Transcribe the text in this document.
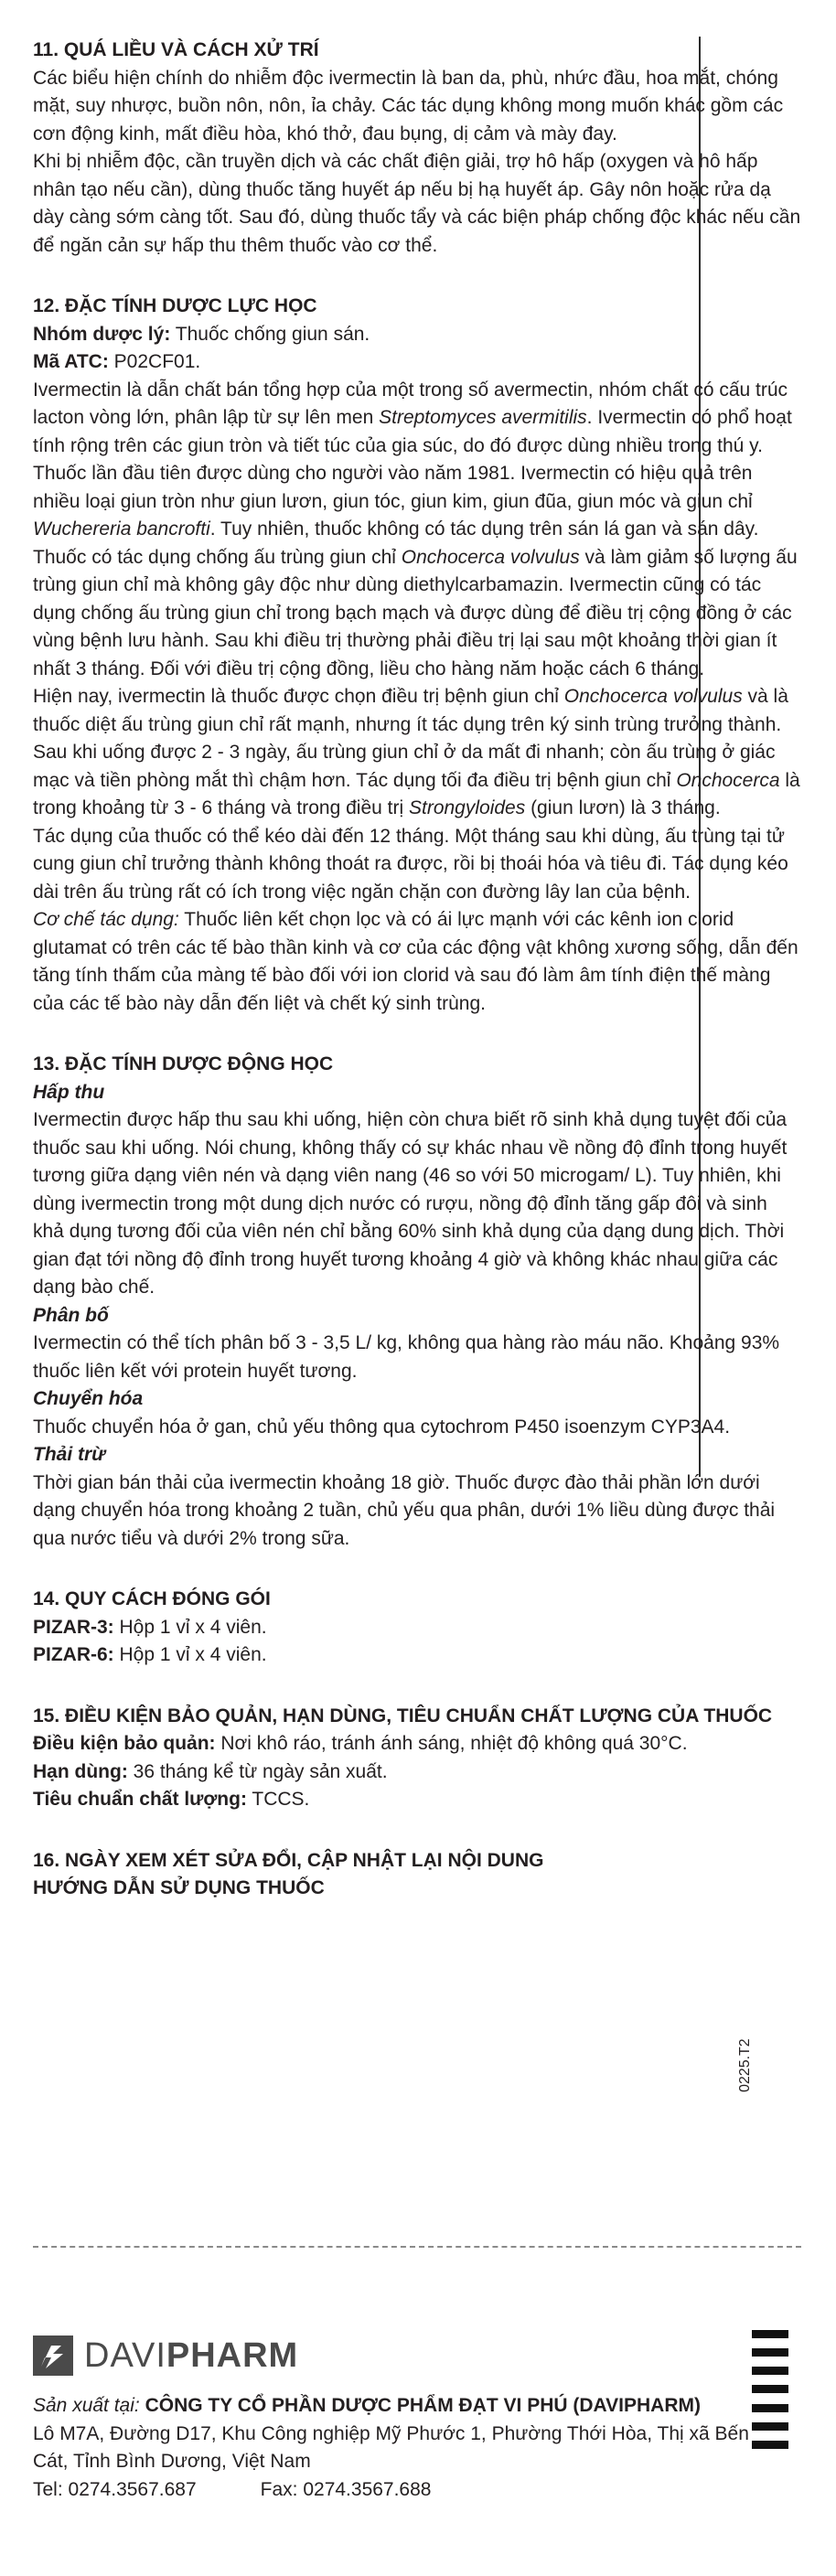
11. QUÁ LIỀU VÀ CÁCH XỬ TRÍ

Các biểu hiện chính do nhiễm độc ivermectin là ban da, phù, nhức đầu, hoa mắt, chóng mặt, suy nhược, buồn nôn, nôn, ỉa chảy. Các tác dụng không mong muốn khác gồm các cơn động kinh, mất điều hòa, khó thở, đau bụng, dị cảm và mày đay.

Khi bị nhiễm độc, cần truyền dịch và các chất điện giải, trợ hô hấp (oxygen và hô hấp nhân tạo nếu cần), dùng thuốc tăng huyết áp nếu bị hạ huyết áp. Gây nôn hoặc rửa dạ dày càng sớm càng tốt. Sau đó, dùng thuốc tẩy và các biện pháp chống độc khác nếu cần để ngăn cản sự hấp thu thêm thuốc vào cơ thể.

12. ĐẶC TÍNH DƯỢC LỰC HỌC

Nhóm dược lý: Thuốc chống giun sán.

Mã ATC: P02CF01.

Ivermectin là dẫn chất bán tổng hợp của một trong số avermectin, nhóm chất có cấu trúc lacton vòng lớn, phân lập từ sự lên men Streptomyces avermitilis. Ivermectin có phổ hoạt tính rộng trên các giun tròn và tiết túc của gia súc, do đó được dùng nhiều trong thú y. Thuốc lần đầu tiên được dùng cho người vào năm 1981. Ivermectin có hiệu quả trên nhiều loại giun tròn như giun lươn, giun tóc, giun kim, giun đũa, giun móc và giun chỉ Wuchereria bancrofti. Tuy nhiên, thuốc không có tác dụng trên sán lá gan và sán dây. Thuốc có tác dụng chống ấu trùng giun chỉ Onchocerca volvulus và làm giảm số lượng ấu trùng giun chỉ mà không gây độc như dùng diethylcarbamazin. Ivermectin cũng có tác dụng chống ấu trùng giun chỉ trong bạch mạch và được dùng để điều trị cộng đồng ở các vùng bệnh lưu hành. Sau khi điều trị thường phải điều trị lại sau một khoảng thời gian ít nhất 3 tháng. Đối với điều trị cộng đồng, liều cho hàng năm hoặc cách 6 tháng.

Hiện nay, ivermectin là thuốc được chọn điều trị bệnh giun chỉ Onchocerca volvulus và là thuốc diệt ấu trùng giun chỉ rất mạnh, nhưng ít tác dụng trên ký sinh trùng trưởng thành. Sau khi uống được 2 - 3 ngày, ấu trùng giun chỉ ở da mất đi nhanh; còn ấu trùng ở giác mạc và tiền phòng mắt thì chậm hơn. Tác dụng tối đa điều trị bệnh giun chỉ Onchocerca là trong khoảng từ 3 - 6 tháng và trong điều trị Strongyloides (giun lươn) là 3 tháng.

Tác dụng của thuốc có thể kéo dài đến 12 tháng. Một tháng sau khi dùng, ấu trùng tại tử cung giun chỉ trưởng thành không thoát ra được, rồi bị thoái hóa và tiêu đi. Tác dụng kéo dài trên ấu trùng rất có ích trong việc ngăn chặn con đường lây lan của bệnh.

Cơ chế tác dụng: Thuốc liên kết chọn lọc và có ái lực mạnh với các kênh ion clorid glutamat có trên các tế bào thần kinh và cơ của các động vật không xương sống, dẫn đến tăng tính thấm của màng tế bào đối với ion clorid và sau đó làm âm tính điện thế màng của các tế bào này dẫn đến liệt và chết ký sinh trùng.

13. ĐẶC TÍNH DƯỢC ĐỘNG HỌC
Hấp thu

Ivermectin được hấp thu sau khi uống, hiện còn chưa biết rõ sinh khả dụng tuyệt đối của thuốc sau khi uống. Nói chung, không thấy có sự khác nhau về nồng độ đỉnh trong huyết tương giữa dạng viên nén và dạng viên nang (46 so với 50 microgam/ L). Tuy nhiên, khi dùng ivermectin trong một dung dịch nước có rượu, nồng độ đỉnh tăng gấp đôi và sinh khả dụng tương đối của viên nén chỉ bằng 60% sinh khả dụng của dạng dung dịch. Thời gian đạt tới nồng độ đỉnh trong huyết tương khoảng 4 giờ và không khác nhau giữa các dạng bào chế.

Phân bố

Ivermectin có thể tích phân bố 3 - 3,5 L/ kg, không qua hàng rào máu não. Khoảng 93% thuốc liên kết với protein huyết tương.

Chuyển hóa

Thuốc chuyển hóa ở gan, chủ yếu thông qua cytochrom P450 isoenzym CYP3A4.

Thải trừ

Thời gian bán thải của ivermectin khoảng 18 giờ. Thuốc được đào thải phần lớn dưới dạng chuyển hóa trong khoảng 2 tuần, chủ yếu qua phân, dưới 1% liều dùng được thải qua nước tiểu và dưới 2% trong sữa.

14. QUY CÁCH ĐÓNG GÓI

PIZAR-3: Hộp 1 vỉ x 4 viên.

PIZAR-6: Hộp 1 vỉ x 4 viên.

15. ĐIỀU KIỆN BẢO QUẢN, HẠN DÙNG, TIÊU CHUẨN CHẤT LƯỢNG CỦA THUỐC

Điều kiện bảo quản: Nơi khô ráo, tránh ánh sáng, nhiệt độ không quá 30°C.

Hạn dùng: 36 tháng kể từ ngày sản xuất.

Tiêu chuẩn chất lượng: TCCS.

16. NGÀY XEM XÉT SỬA ĐỔI, CẬP NHẬT LẠI NỘI DUNG HƯỚNG DẪN SỬ DỤNG THUỐC
0225.T2
DAVIPHARM

Sản xuất tại: CÔNG TY CỔ PHẦN DƯỢC PHẨM ĐẠT VI PHÚ (DAVIPHARM)

Lô M7A, Đường D17, Khu Công nghiệp Mỹ Phước 1, Phường Thới Hòa, Thị xã Bến Cát, Tỉnh Bình Dương, Việt Nam

Tel: 0274.3567.687	Fax: 0274.3567.688
